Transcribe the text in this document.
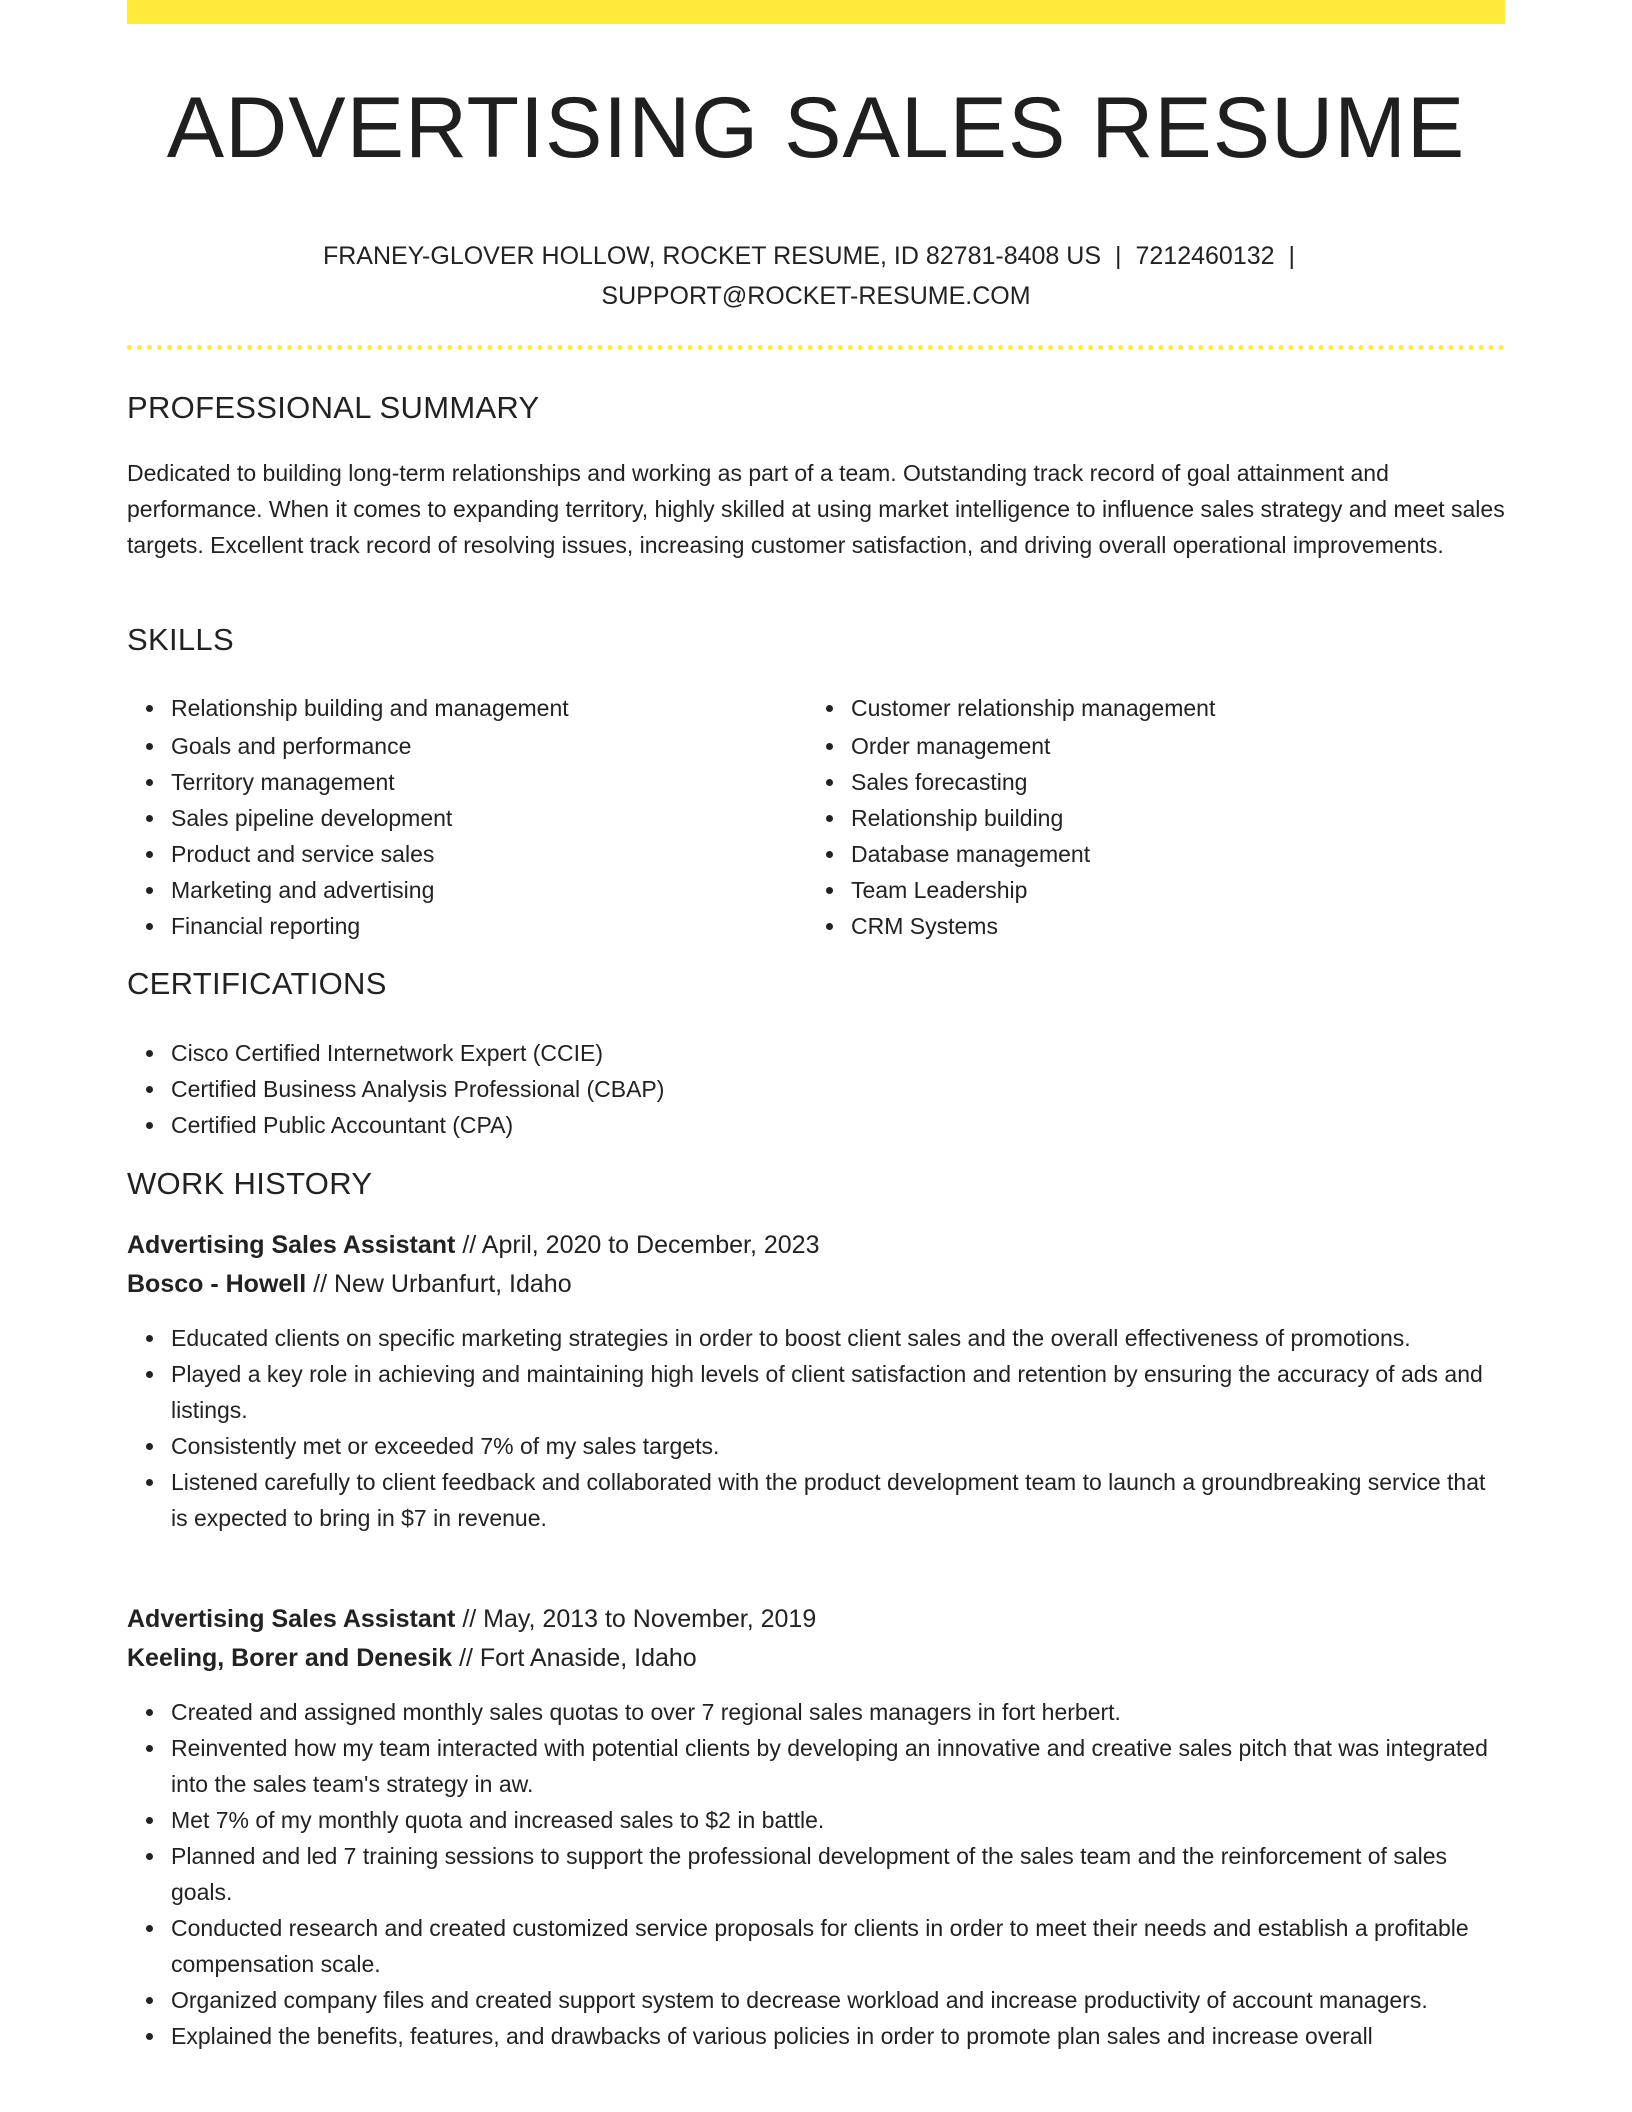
ADVERTISING SALES RESUME
FRANEY-GLOVER HOLLOW, ROCKET RESUME, ID 82781-8408 US | 7212460132 |
SUPPORT@ROCKET-RESUME.COM
PROFESSIONAL SUMMARY

Dedicated to building long-term relationships and working as part of a team. Outstanding track record of goal attainment and performance. When it comes to expanding territory, highly skilled at using market intelligence to influence sales strategy and meet sales targets. Excellent track record of resolving issues, increasing customer satisfaction, and driving overall operational improvements.

SKILLS
Relationship building and management
Goals and performance
Territory management
Sales pipeline development
Product and service sales
Marketing and advertising
Financial reporting
Customer relationship management
Order management
Sales forecasting
Relationship building
Database management
Team Leadership
CRM Systems
CERTIFICATIONS
Cisco Certified Internetwork Expert (CCIE)
Certified Business Analysis Professional (CBAP)
Certified Public Accountant (CPA)
WORK HISTORY
Advertising Sales Assistant // April, 2020 to December, 2023
Bosco - Howell // New Urbanfurt, Idaho
Educated clients on specific marketing strategies in order to boost client sales and the overall effectiveness of promotions.
Played a key role in achieving and maintaining high levels of client satisfaction and retention by ensuring the accuracy of ads and listings.
Consistently met or exceeded 7% of my sales targets.
Listened carefully to client feedback and collaborated with the product development team to launch a groundbreaking service that is expected to bring in $7 in revenue.
Advertising Sales Assistant // May, 2013 to November, 2019
Keeling, Borer and Denesik // Fort Anaside, Idaho
Created and assigned monthly sales quotas to over 7 regional sales managers in fort herbert.
Reinvented how my team interacted with potential clients by developing an innovative and creative sales pitch that was integrated into the sales team's strategy in aw.
Met 7% of my monthly quota and increased sales to $2 in battle.
Planned and led 7 training sessions to support the professional development of the sales team and the reinforcement of sales goals.
Conducted research and created customized service proposals for clients in order to meet their needs and establish a profitable compensation scale.
Organized company files and created support system to decrease workload and increase productivity of account managers.
Explained the benefits, features, and drawbacks of various policies in order to promote plan sales and increase overall
